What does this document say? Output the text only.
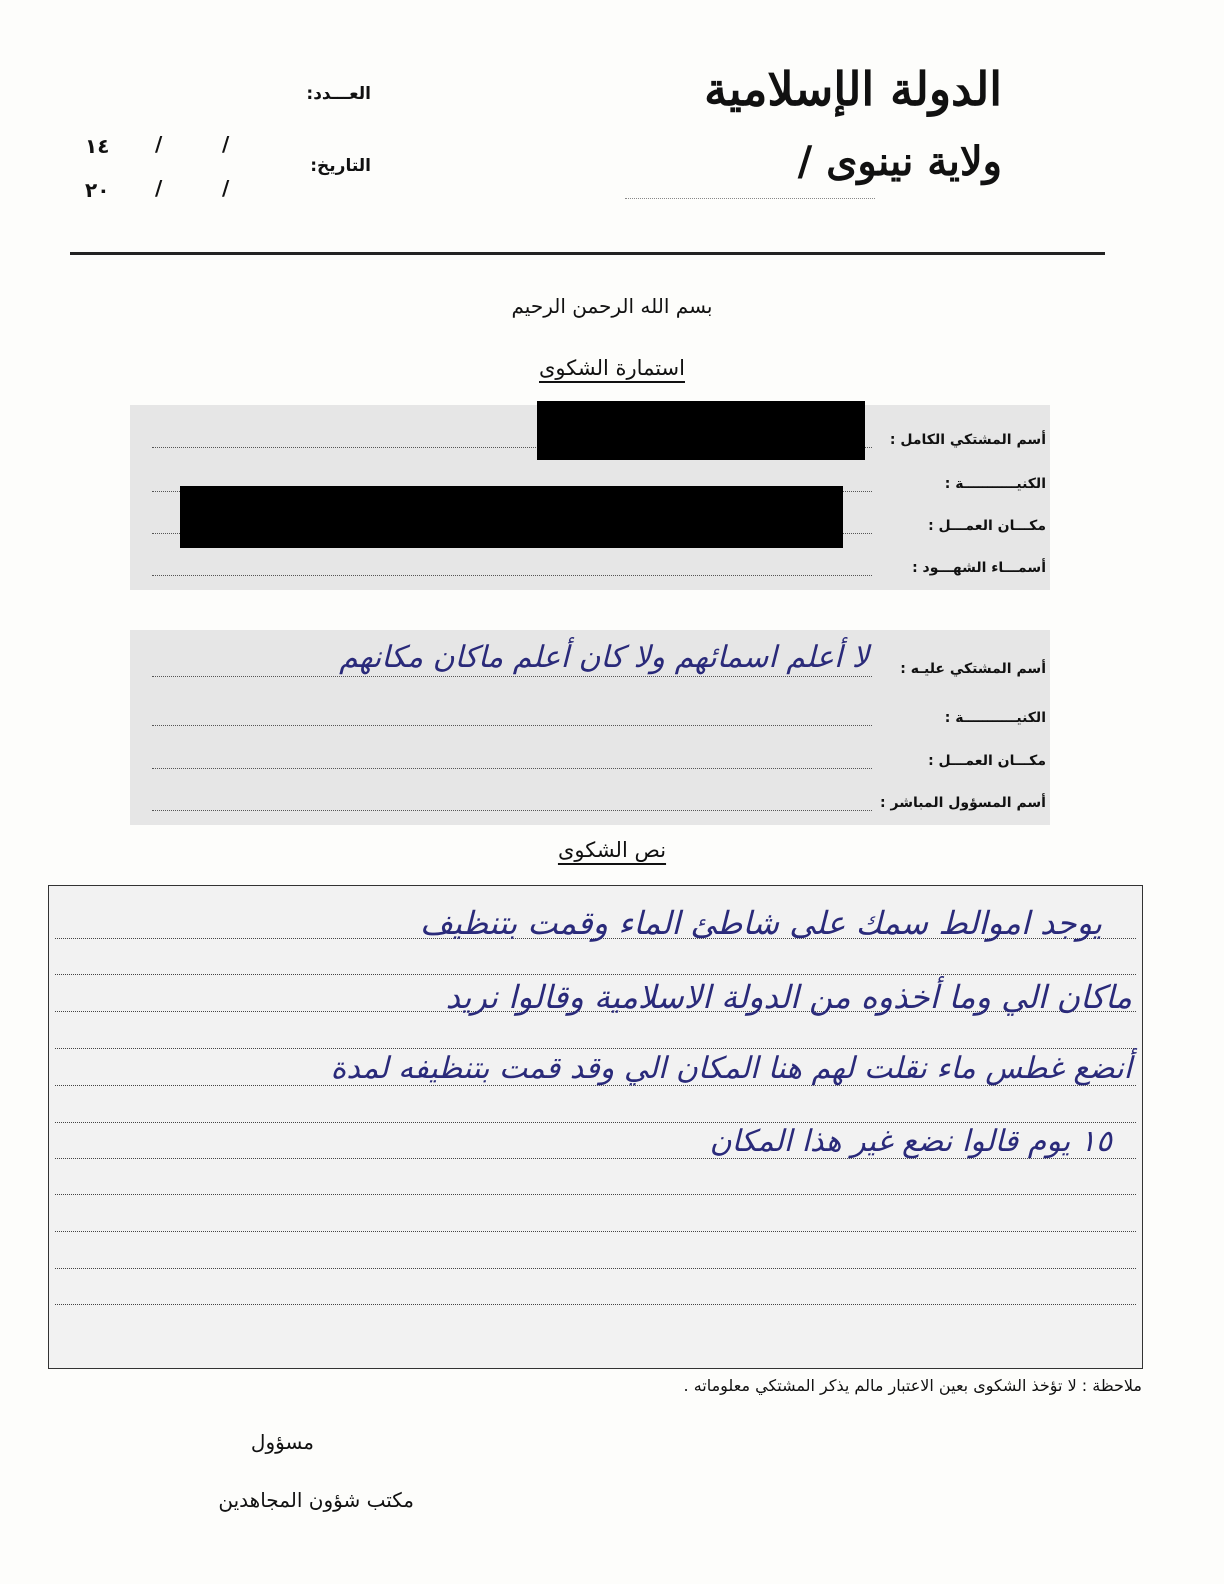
الدولة الإسلامية
ولاية نينوى /
العـــدد:
التاريخ:
١٤ /	/
٢٠ /	/
بسم الله الرحمن الرحيم
استمارة الشكوى
أسم المشتكي الكامل :
الكنيـــــــــــة :
مكـــان العمـــل :
أسمـــاء الشهـــود :
أسم المشتكي عليـه :
لا أعلم اسمائهم ولا كان أعلم ماكان مكانهم
الكنيـــــــــــة :
مكـــان العمـــل :
أسم المسؤول المباشر :
نص الشكوى
يوجد اموالط سمك على شاطئ الماء وقمت بتنظيف
ماكان الي وما أخذوه من الدولة الاسلامية وقالوا نريد
أنضع غطس ماء نقلت لهم هنا المكان الي وقد قمت بتنظيفه لمدة
١٥ يوم قالوا نضع غير هذا المكان
ملاحظة : لا تؤخذ الشكوى بعين الاعتبار مالم يذكر المشتكي معلوماته .
مسؤول
مكتب شؤون المجاهدين
